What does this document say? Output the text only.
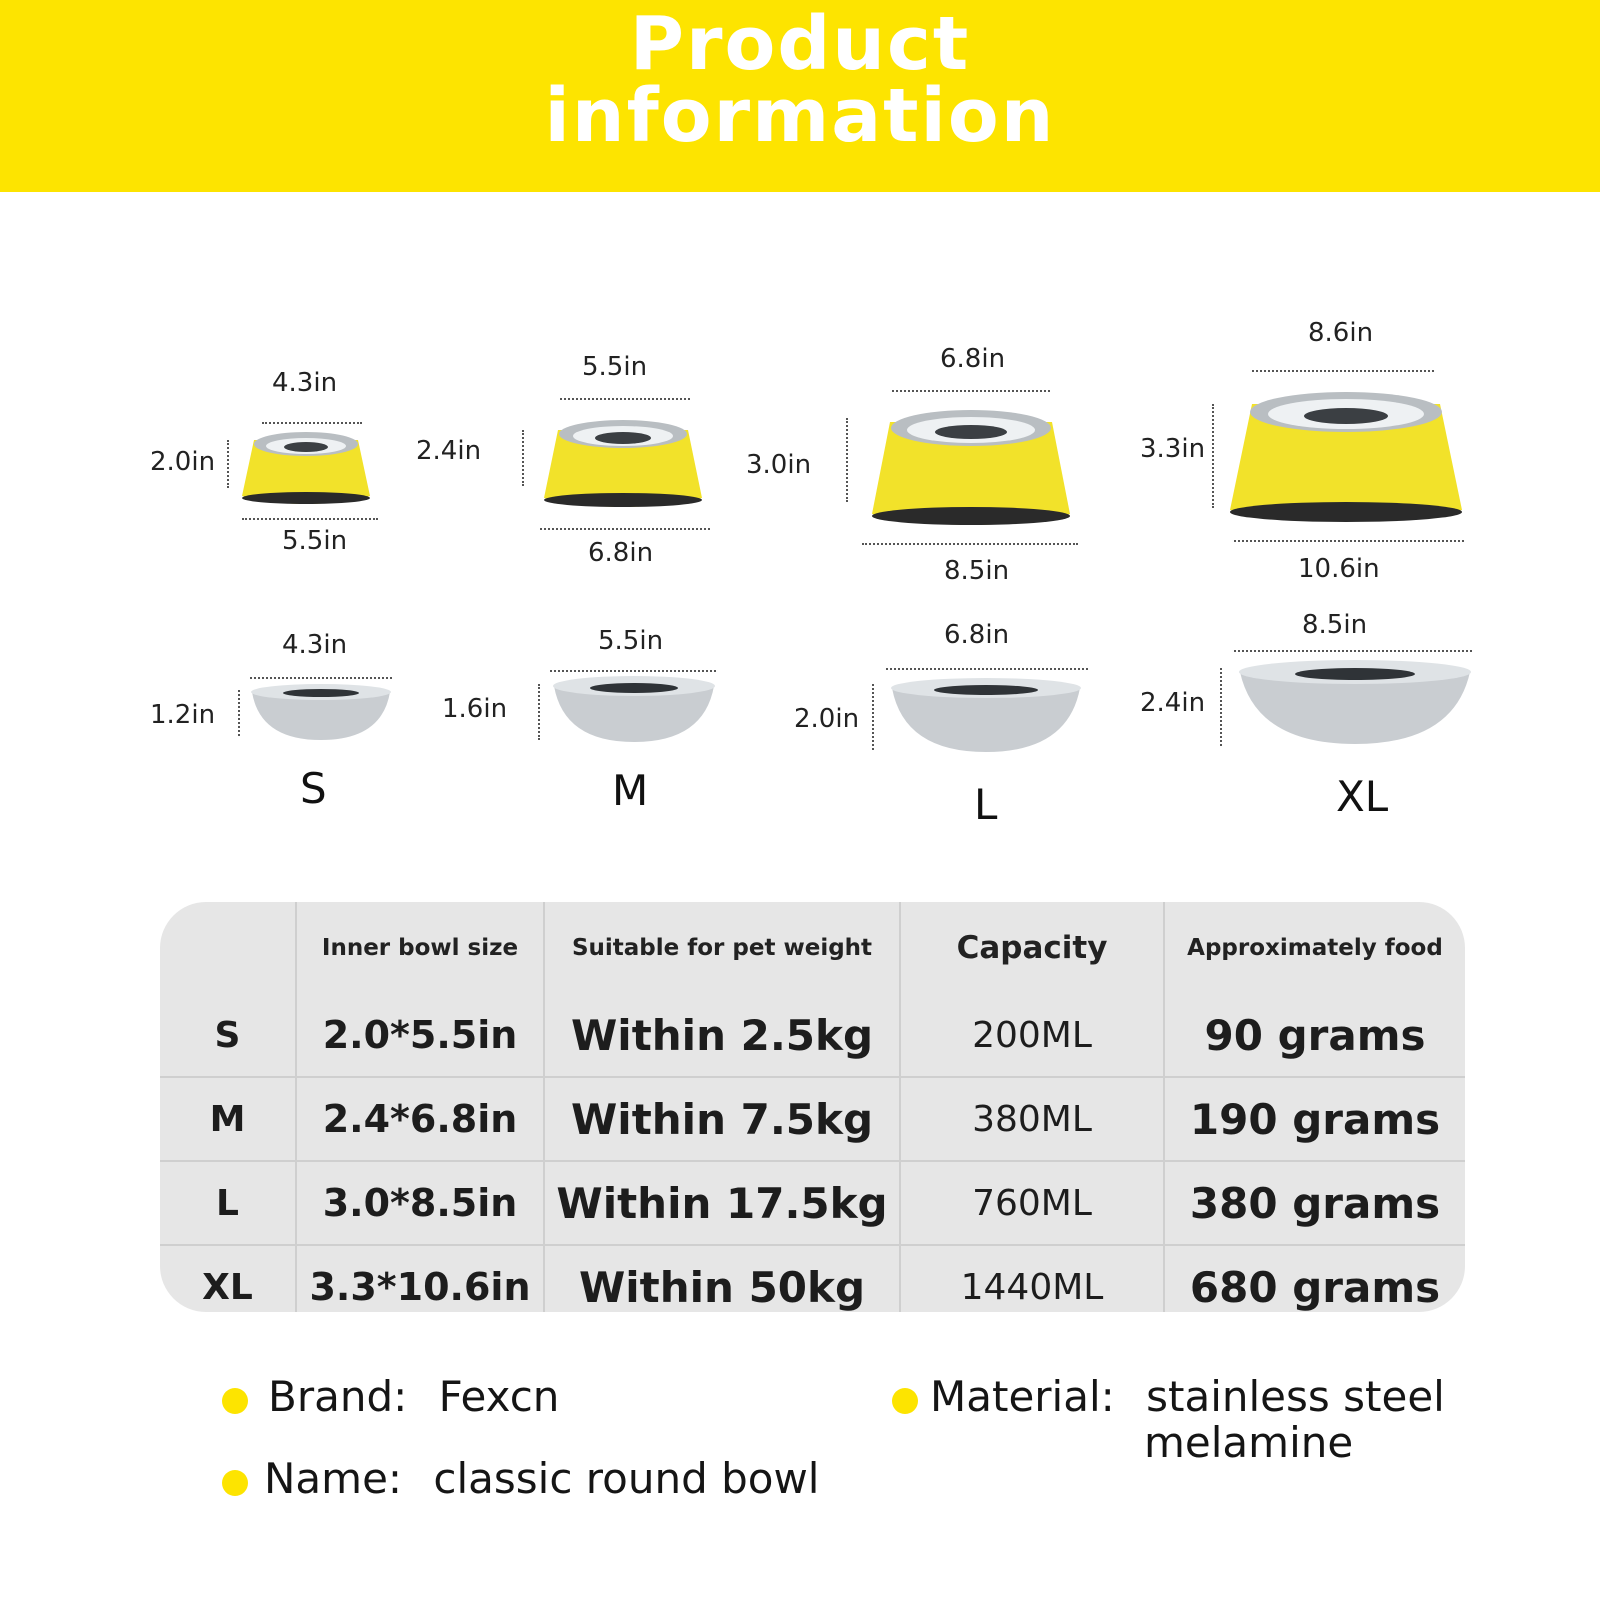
Product
information
4.3in
2.0in
5.5in
4.3in
1.2in
S
5.5in
2.4in
6.8in
5.5in
1.6in
M
6.8in
3.0in
8.5in
6.8in
2.0in
L
8.6in
3.3in
10.6in
8.5in
2.4in
XL
	Inner bowl size	Suitable for pet weight	Capacity	Approximately food
S	2.0*5.5in	Within 2.5kg	200ML	90 grams
M	2.4*6.8in	Within 7.5kg	380ML	190 grams
L	3.0*8.5in	Within 17.5kg	760ML	380 grams
XL	3.3*10.6in	Within 50kg	1440ML	680 grams
Brand: Fexcn
Name: classic round bowl
Material: stainless steel
melamine
